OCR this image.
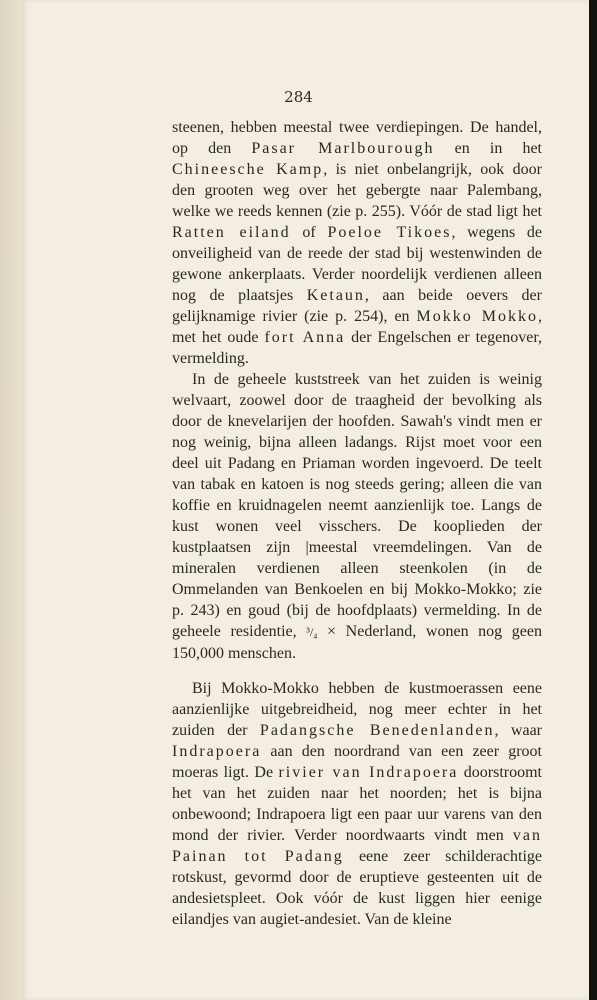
284

steenen, hebben meestal twee verdiepingen. De handel, op den Pasar Marlbourough en in het Chineesche Kamp, is niet onbelangrijk, ook door den grooten weg over het gebergte naar Palembang, welke we reeds kennen (zie p. 255). Vóór de stad ligt het Ratten eiland of Poeloe Tikoes, wegens de onveiligheid van de reede der stad bij westenwinden de gewone ankerplaats. Verder noordelijk verdienen alleen nog de plaatsjes Ketaun, aan beide oevers der gelijknamige rivier (zie p. 254), en Mokko Mokko, met het oude fort Anna der Engelschen er tegenover, vermelding.

In de geheele kuststreek van het zuiden is weinig welvaart, zoowel door de traagheid der bevolking als door de knevelarijen der hoofden. Sawah's vindt men er nog weinig, bijna alleen ladangs. Rijst moet voor een deel uit Padang en Priaman worden ingevoerd. De teelt van tabak en katoen is nog steeds gering; alleen die van koffie en kruidnagelen neemt aanzienlijk toe. Langs de kust wonen veel visschers. De kooplieden der kustplaatsen zijn |meestal vreemdelingen. Van de mineralen verdienen alleen steenkolen (in de Ommelanden van Benkoelen en bij Mokko-Mokko; zie p. 243) en goud (bij de hoofdplaats) vermelding. In de geheele residentie, ³/₄ × Nederland, wonen nog geen 150,000 menschen.

Bij Mokko-Mokko hebben de kustmoerassen eene aanzienlijke uitgebreidheid, nog meer echter in het zuiden der Padangsche Benedenlanden, waar Indrapoera aan den noordrand van een zeer groot moeras ligt. De rivier van Indrapoera doorstroomt het van het zuiden naar het noorden; het is bijna onbewoond; Indrapoera ligt een paar uur varens van den mond der rivier. Verder noordwaarts vindt men van Painan tot Padang eene zeer schilderachtige rotskust, gevormd door de eruptieve gesteenten uit de andesietspleet. Ook vóór de kust liggen hier eenige eilandjes van augiet-andesiet. Van de kleine
